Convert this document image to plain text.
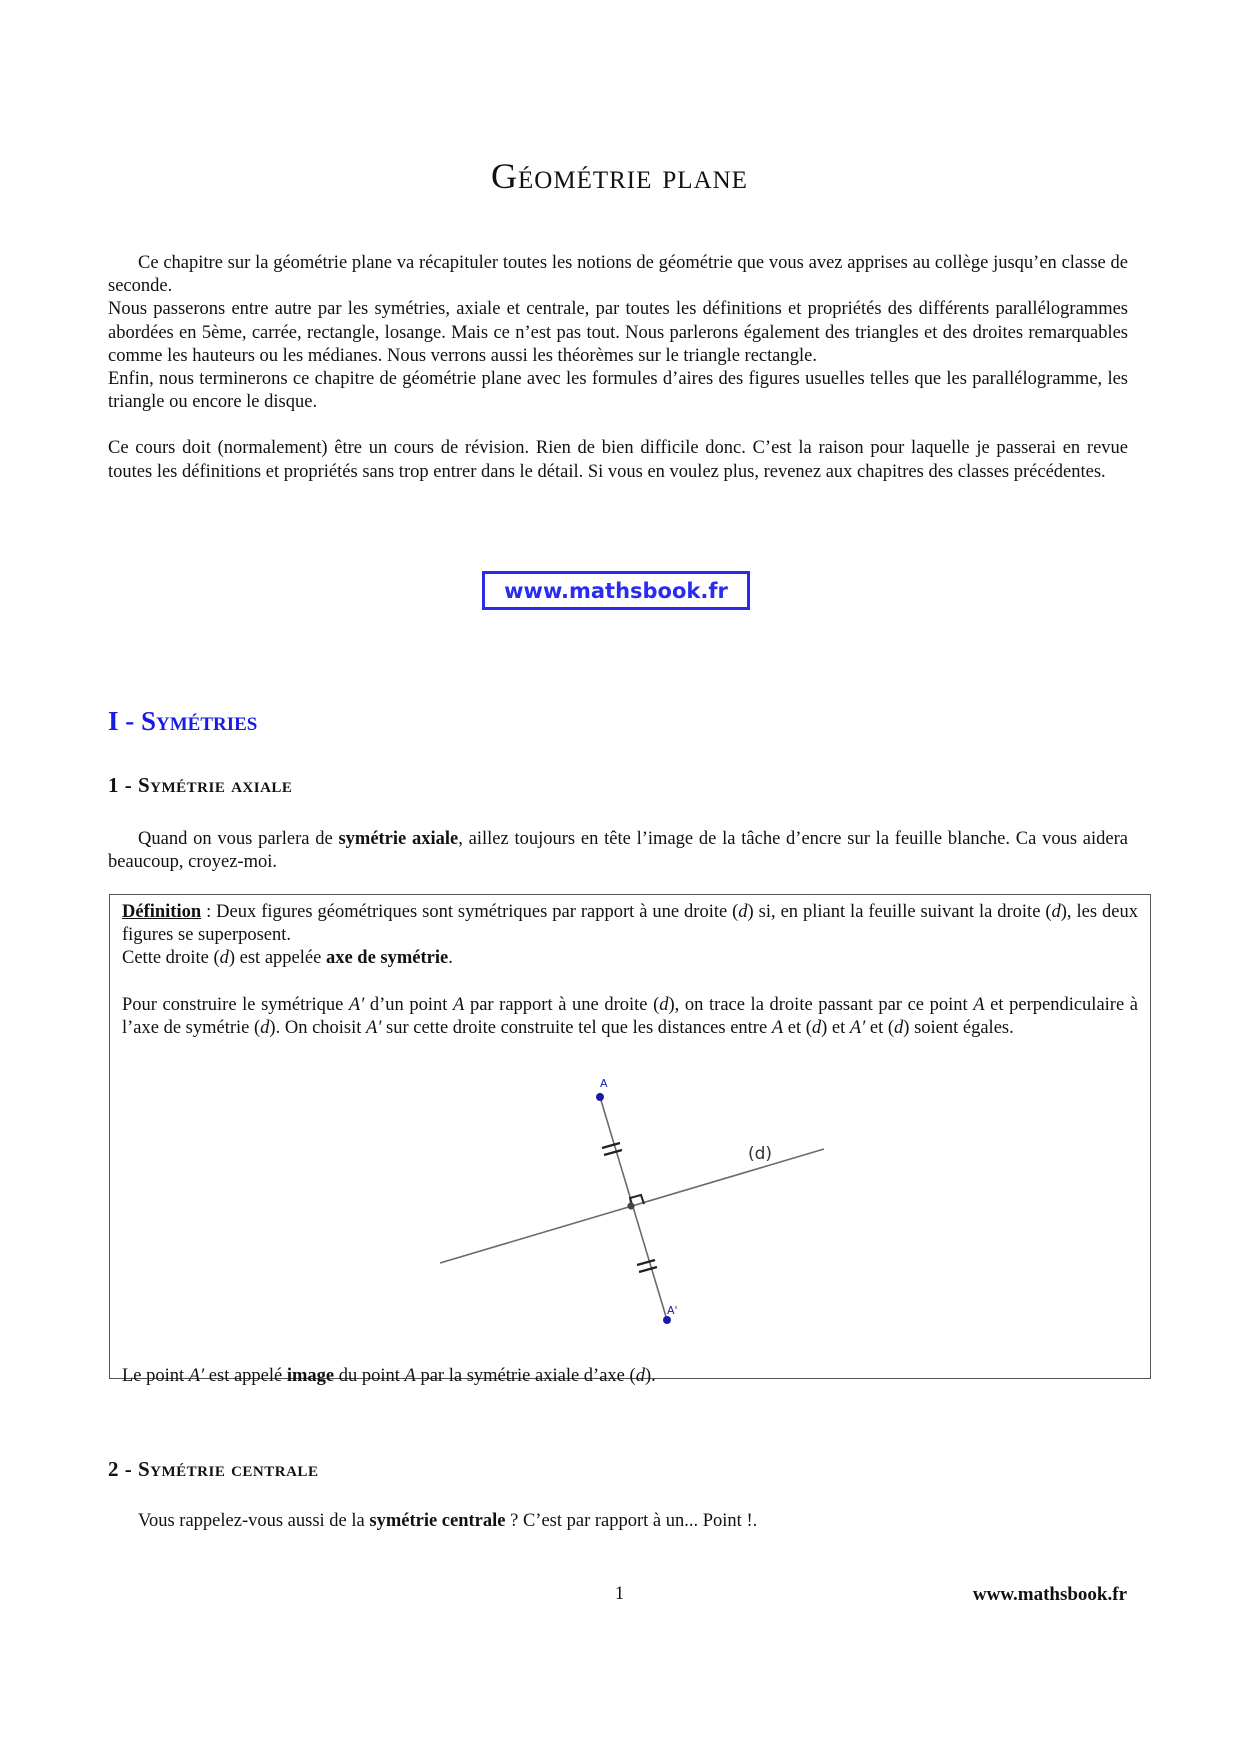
Géométrie plane

Ce chapitre sur la géométrie plane va récapituler toutes les notions de géométrie que vous avez apprises au collège jusqu’en classe de seconde.

Nous passerons entre autre par les symétries, axiale et centrale, par toutes les définitions et propriétés des différents parallélogrammes abordées en 5ème, carrée, rectangle, losange. Mais ce n’est pas tout. Nous parlerons également des triangles et des droites remarquables comme les hauteurs ou les médianes. Nous verrons aussi les théorèmes sur le triangle rectangle.

Enfin, nous terminerons ce chapitre de géométrie plane avec les formules d’aires des figures usuelles telles que les parallélogramme, les triangle ou encore le disque.

Ce cours doit (normalement) être un cours de révision. Rien de bien difficile donc. C’est la raison pour laquelle je passerai en revue toutes les définitions et propriétés sans trop entrer dans le détail. Si vous en voulez plus, revenez aux chapitres des classes précédentes.

www.mathsbook.fr
I - Symétries
1 - Symétrie axiale

Quand on vous parlera de symétrie axiale, aillez toujours en tête l’image de la tâche d’encre sur la feuille blanche. Ca vous aidera beaucoup, croyez-moi.

Définition : Deux figures géométriques sont symétriques par rapport à une droite (d) si, en pliant la feuille suivant la droite (d), les deux figures se superposent.

Cette droite (d) est appelée axe de symétrie.

Pour construire le symétrique A′ d’un point A par rapport à une droite (d), on trace la droite passant par ce point A et perpendiculaire à l’axe de symétrie (d). On choisit A′ sur cette droite construite tel que les distances entre A et (d) et A′ et (d) soient égales.

A
A'
(d)

Le point A′ est appelé image du point A par la symétrie axiale d’axe (d).

2 - Symétrie centrale

Vous rappelez-vous aussi de la symétrie centrale ? C’est par rapport à un... Point !.

1	www.mathsbook.fr
